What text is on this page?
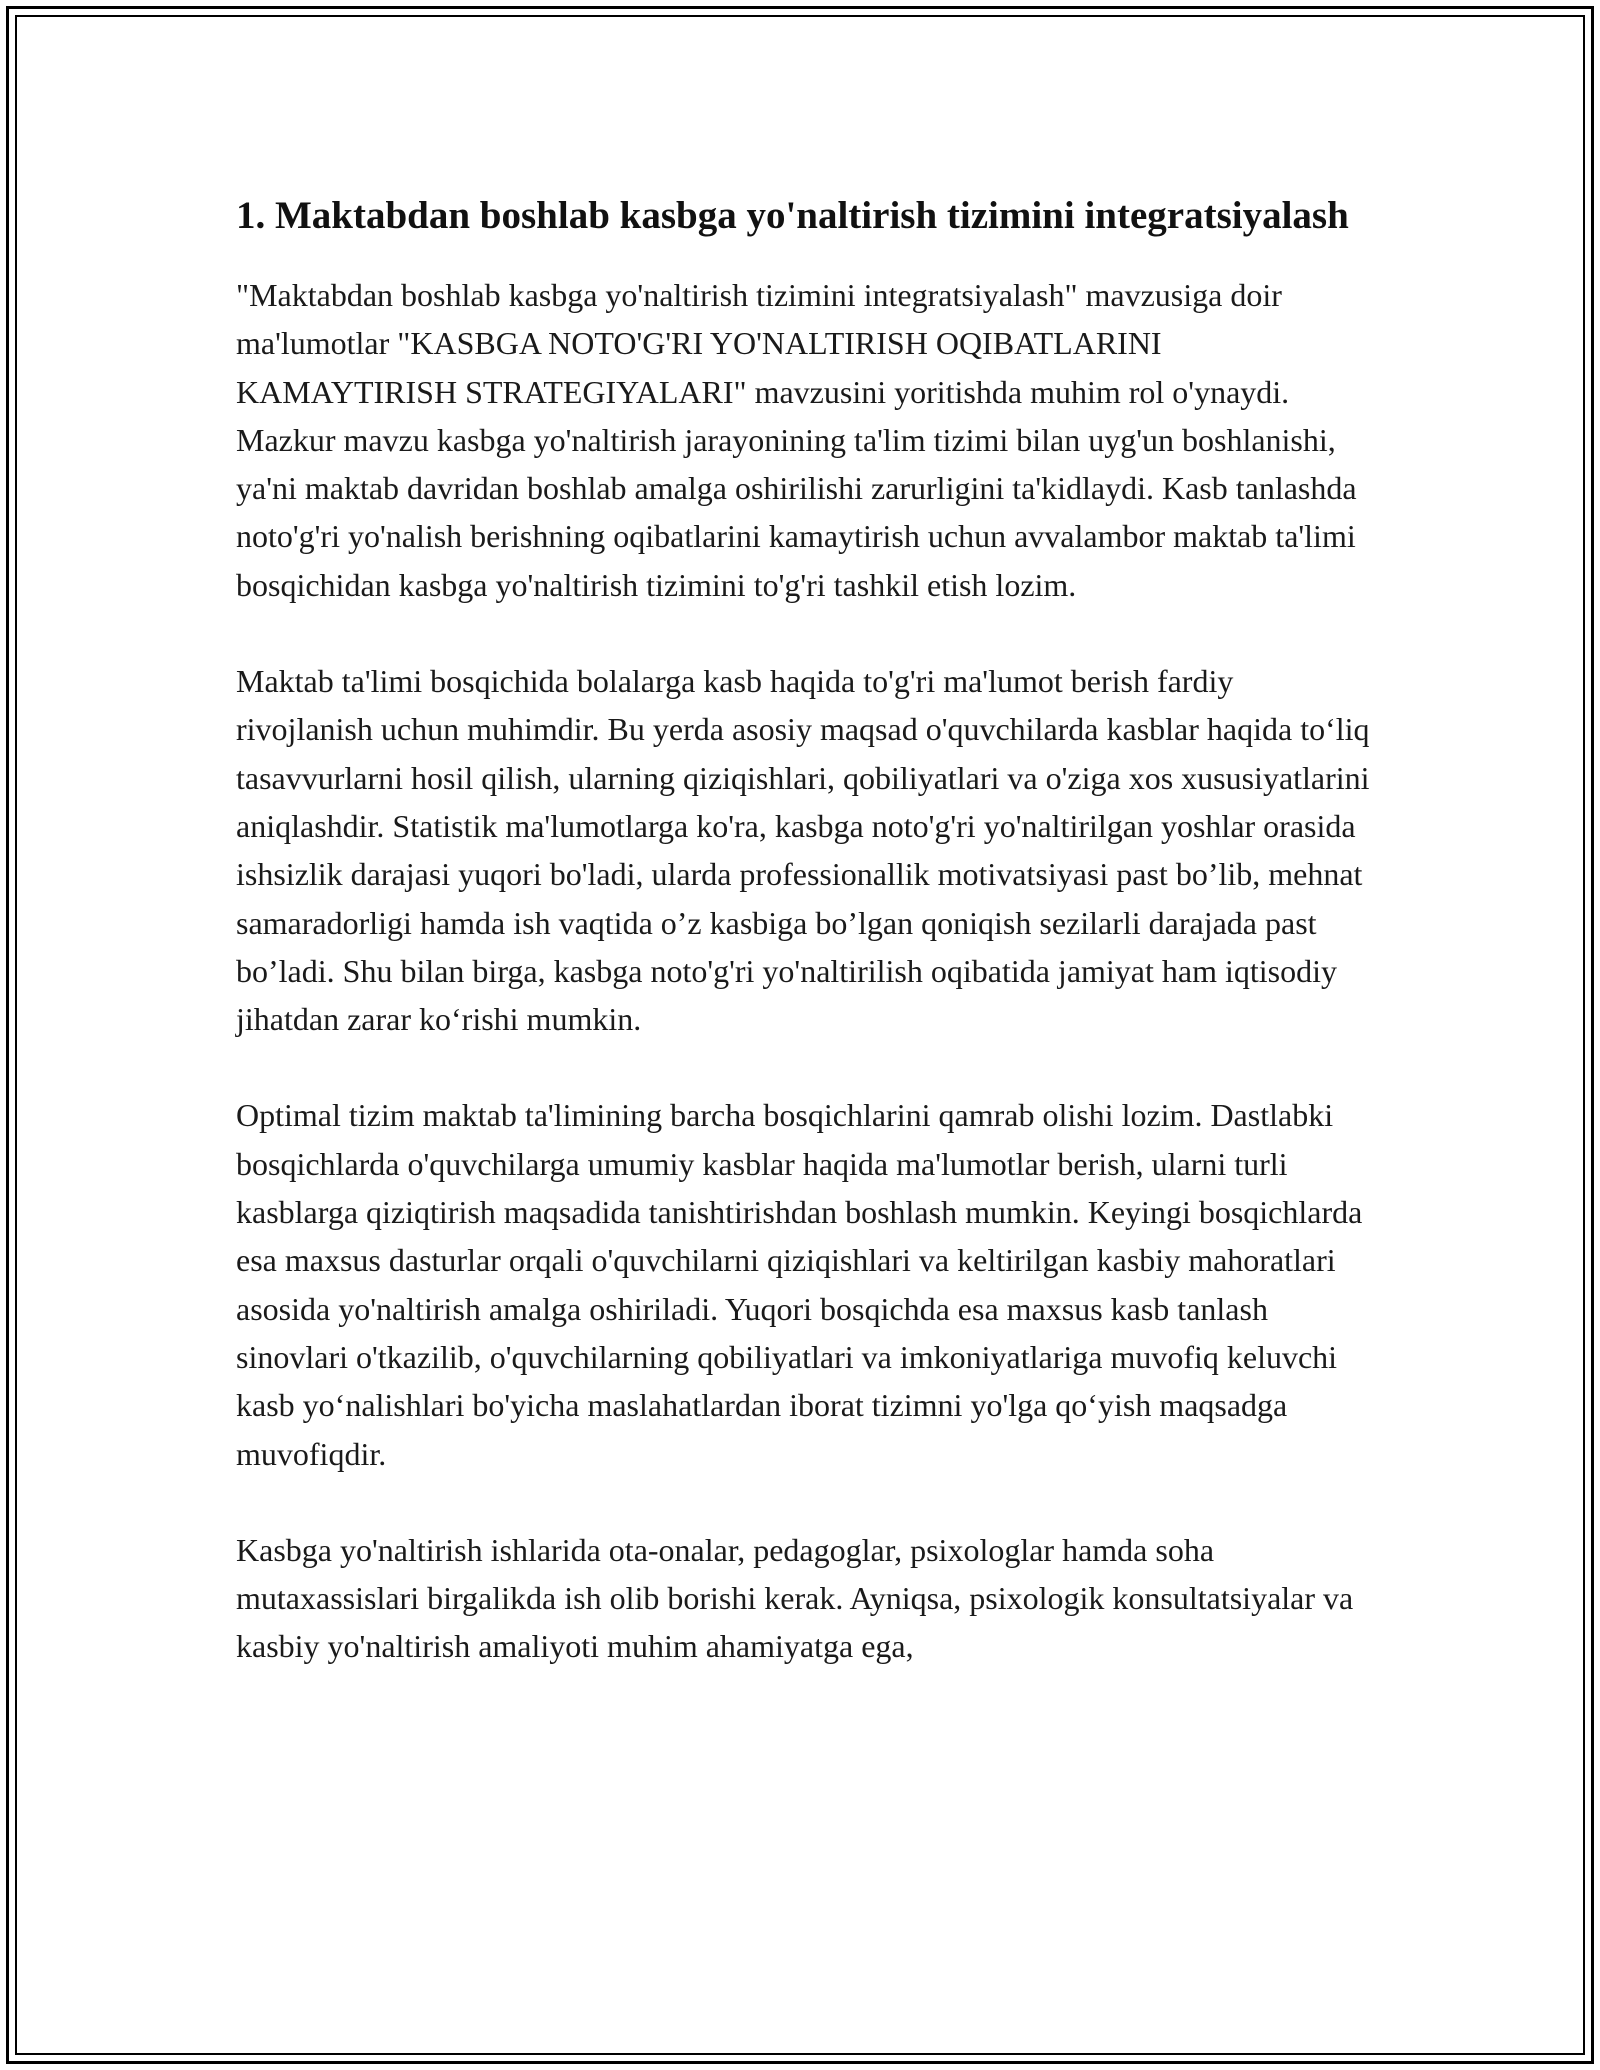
1. Maktabdan boshlab kasbga yo'naltirish tizimini integratsiyalash

"Maktabdan boshlab kasbga yo'naltirish tizimini integratsiyalash" mavzusiga doir ma'lumotlar "KASBGA NOTO'G'RI YO'NALTIRISH OQIBATLARINI KAMAYTIRISH STRATEGIYALARI" mavzusini yoritishda muhim rol o'ynaydi. Mazkur mavzu kasbga yo'naltirish jarayonining ta'lim tizimi bilan uyg'un boshlanishi, ya'ni maktab davridan boshlab amalga oshirilishi zarurligini ta'kidlaydi. Kasb tanlashda noto'g'ri yo'nalish berishning oqibatlarini kamaytirish uchun avvalambor maktab ta'limi bosqichidan kasbga yo'naltirish tizimini to'g'ri tashkil etish lozim.

Maktab ta'limi bosqichida bolalarga kasb haqida to'g'ri ma'lumot berish fardiy rivojlanish uchun muhimdir. Bu yerda asosiy maqsad o'quvchilarda kasblar haqida to‘liq tasavvurlarni hosil qilish, ularning qiziqishlari, qobiliyatlari va o'ziga xos xususiyatlarini aniqlashdir. Statistik ma'lumotlarga ko'ra, kasbga noto'g'ri yo'naltirilgan yoshlar orasida ishsizlik darajasi yuqori bo'ladi, ularda professionallik motivatsiyasi past bo’lib, mehnat samaradorligi hamda ish vaqtida o’z kasbiga bo’lgan qoniqish sezilarli darajada past bo’ladi. Shu bilan birga, kasbga noto'g'ri yo'naltirilish oqibatida jamiyat ham iqtisodiy jihatdan zarar ko‘rishi mumkin.

Optimal tizim maktab ta'limining barcha bosqichlarini qamrab olishi lozim. Dastlabki bosqichlarda o'quvchilarga umumiy kasblar haqida ma'lumotlar berish, ularni turli kasblarga qiziqtirish maqsadida tanishtirishdan boshlash mumkin. Keyingi bosqichlarda esa maxsus dasturlar orqali o'quvchilarni qiziqishlari va keltirilgan kasbiy mahoratlari asosida yo'naltirish amalga oshiriladi. Yuqori bosqichda esa maxsus kasb tanlash sinovlari o'tkazilib, o'quvchilarning qobiliyatlari va imkoniyatlariga muvofiq keluvchi kasb yo‘nalishlari bo'yicha maslahatlardan iborat tizimni yo'lga qo‘yish maqsadga muvofiqdir.

Kasbga yo'naltirish ishlarida ota-onalar, pedagoglar, psixologlar hamda soha mutaxassislari birgalikda ish olib borishi kerak. Ayniqsa, psixologik konsultatsiyalar va kasbiy yo'naltirish amaliyoti muhim ahamiyatga ega,
